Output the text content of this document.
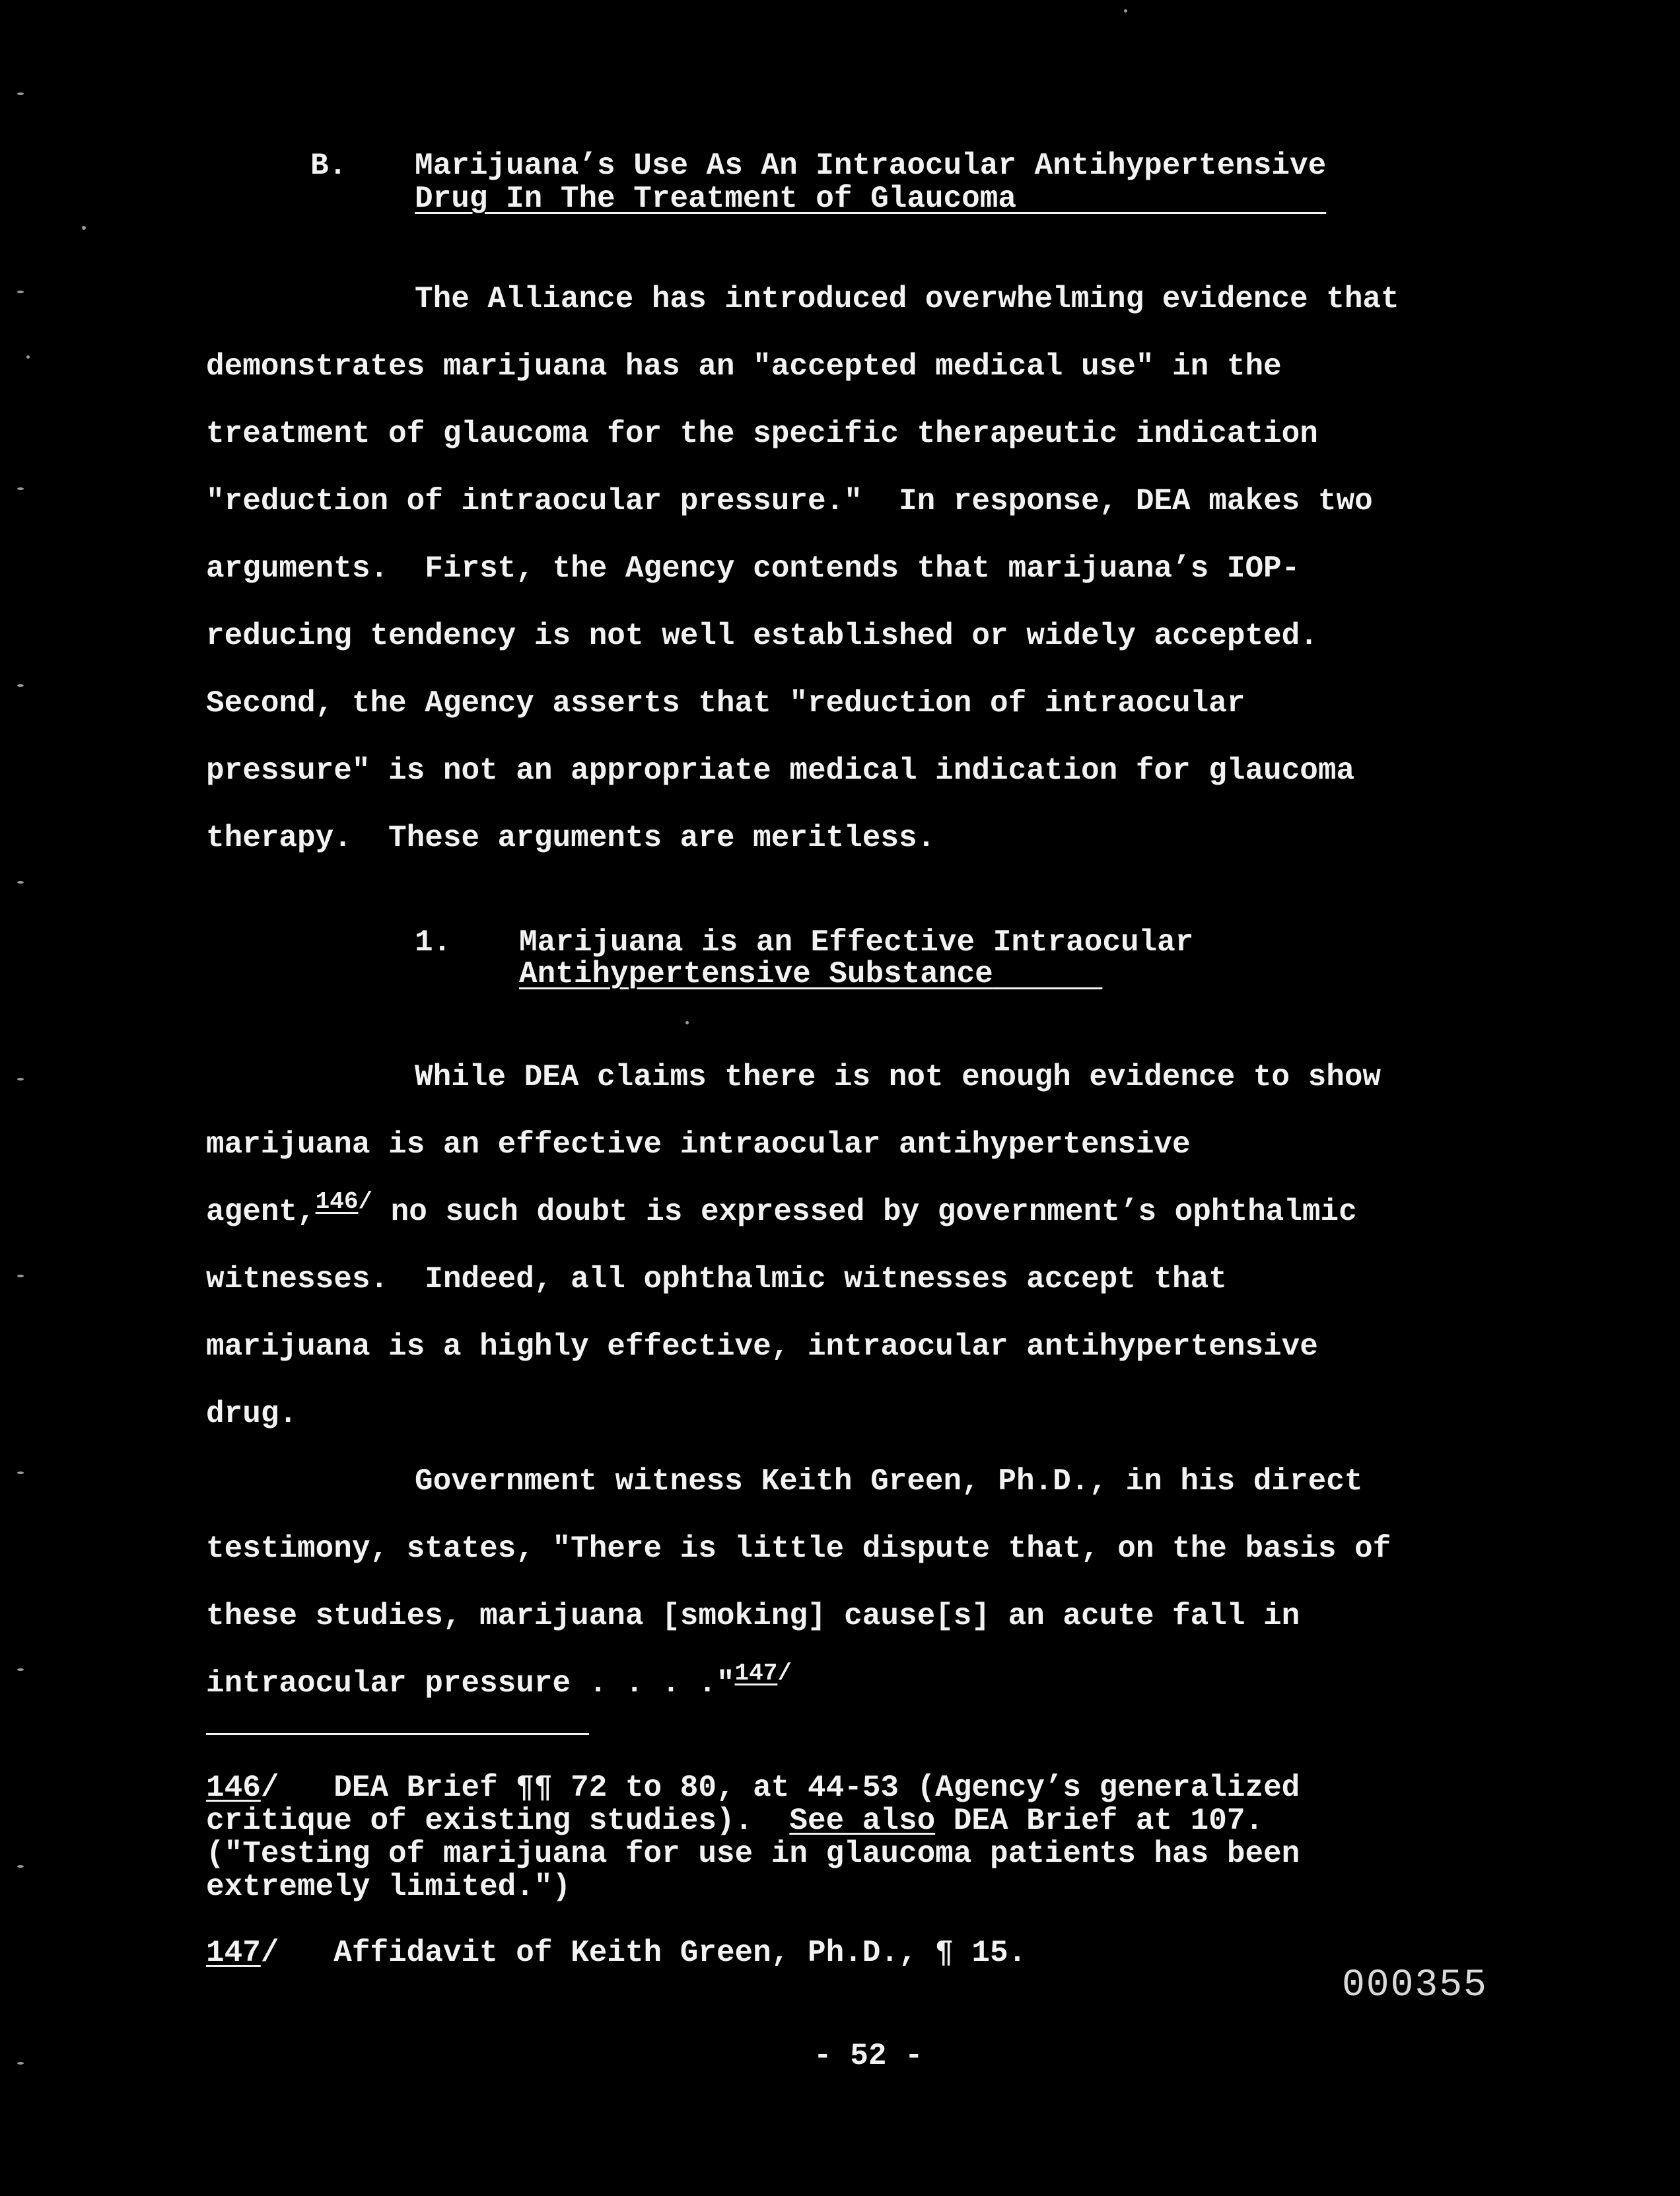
B. Marijuana’s Use As An Intraocular Antihypertensive
Drug In The Treatment of Glaucoma
The Alliance has introduced overwhelming evidence that
demonstrates marijuana has an ″accepted medical use″ in the
treatment of glaucoma for the specific therapeutic indication
″reduction of intraocular pressure.″  In response, DEA makes two
arguments.  First, the Agency contends that marijuana’s IOP-
reducing tendency is not well established or widely accepted.
Second, the Agency asserts that ″reduction of intraocular
pressure″ is not an appropriate medical indication for glaucoma
therapy.  These arguments are meritless.
1. Marijuana is an Effective Intraocular
Antihypertensive Substance
While DEA claims there is not enough evidence to show
marijuana is an effective intraocular antihypertensive
agent,$^{146/}$ no such doubt is expressed by government’s ophthalmic
witnesses.  Indeed, all ophthalmic witnesses accept that
marijuana is a highly effective, intraocular antihypertensive
drug.
Government witness Keith Green, Ph.D., in his direct
testimony, states, ″There is little dispute that, on the basis of
these studies, marijuana [smoking] cause[s] an acute fall in
intraocular pressure . . . .″$^{147/}$
146/   DEA Brief ¶¶ 72 to 80, at 44-53 (Agency’s generalized
critique of existing studies).  See also DEA Brief at 107.
(″Testing of marijuana for use in glaucoma patients has been
extremely limited.″)
147/   Affidavit of Keith Green, Ph.D., ¶ 15.
000355
- 52 -
